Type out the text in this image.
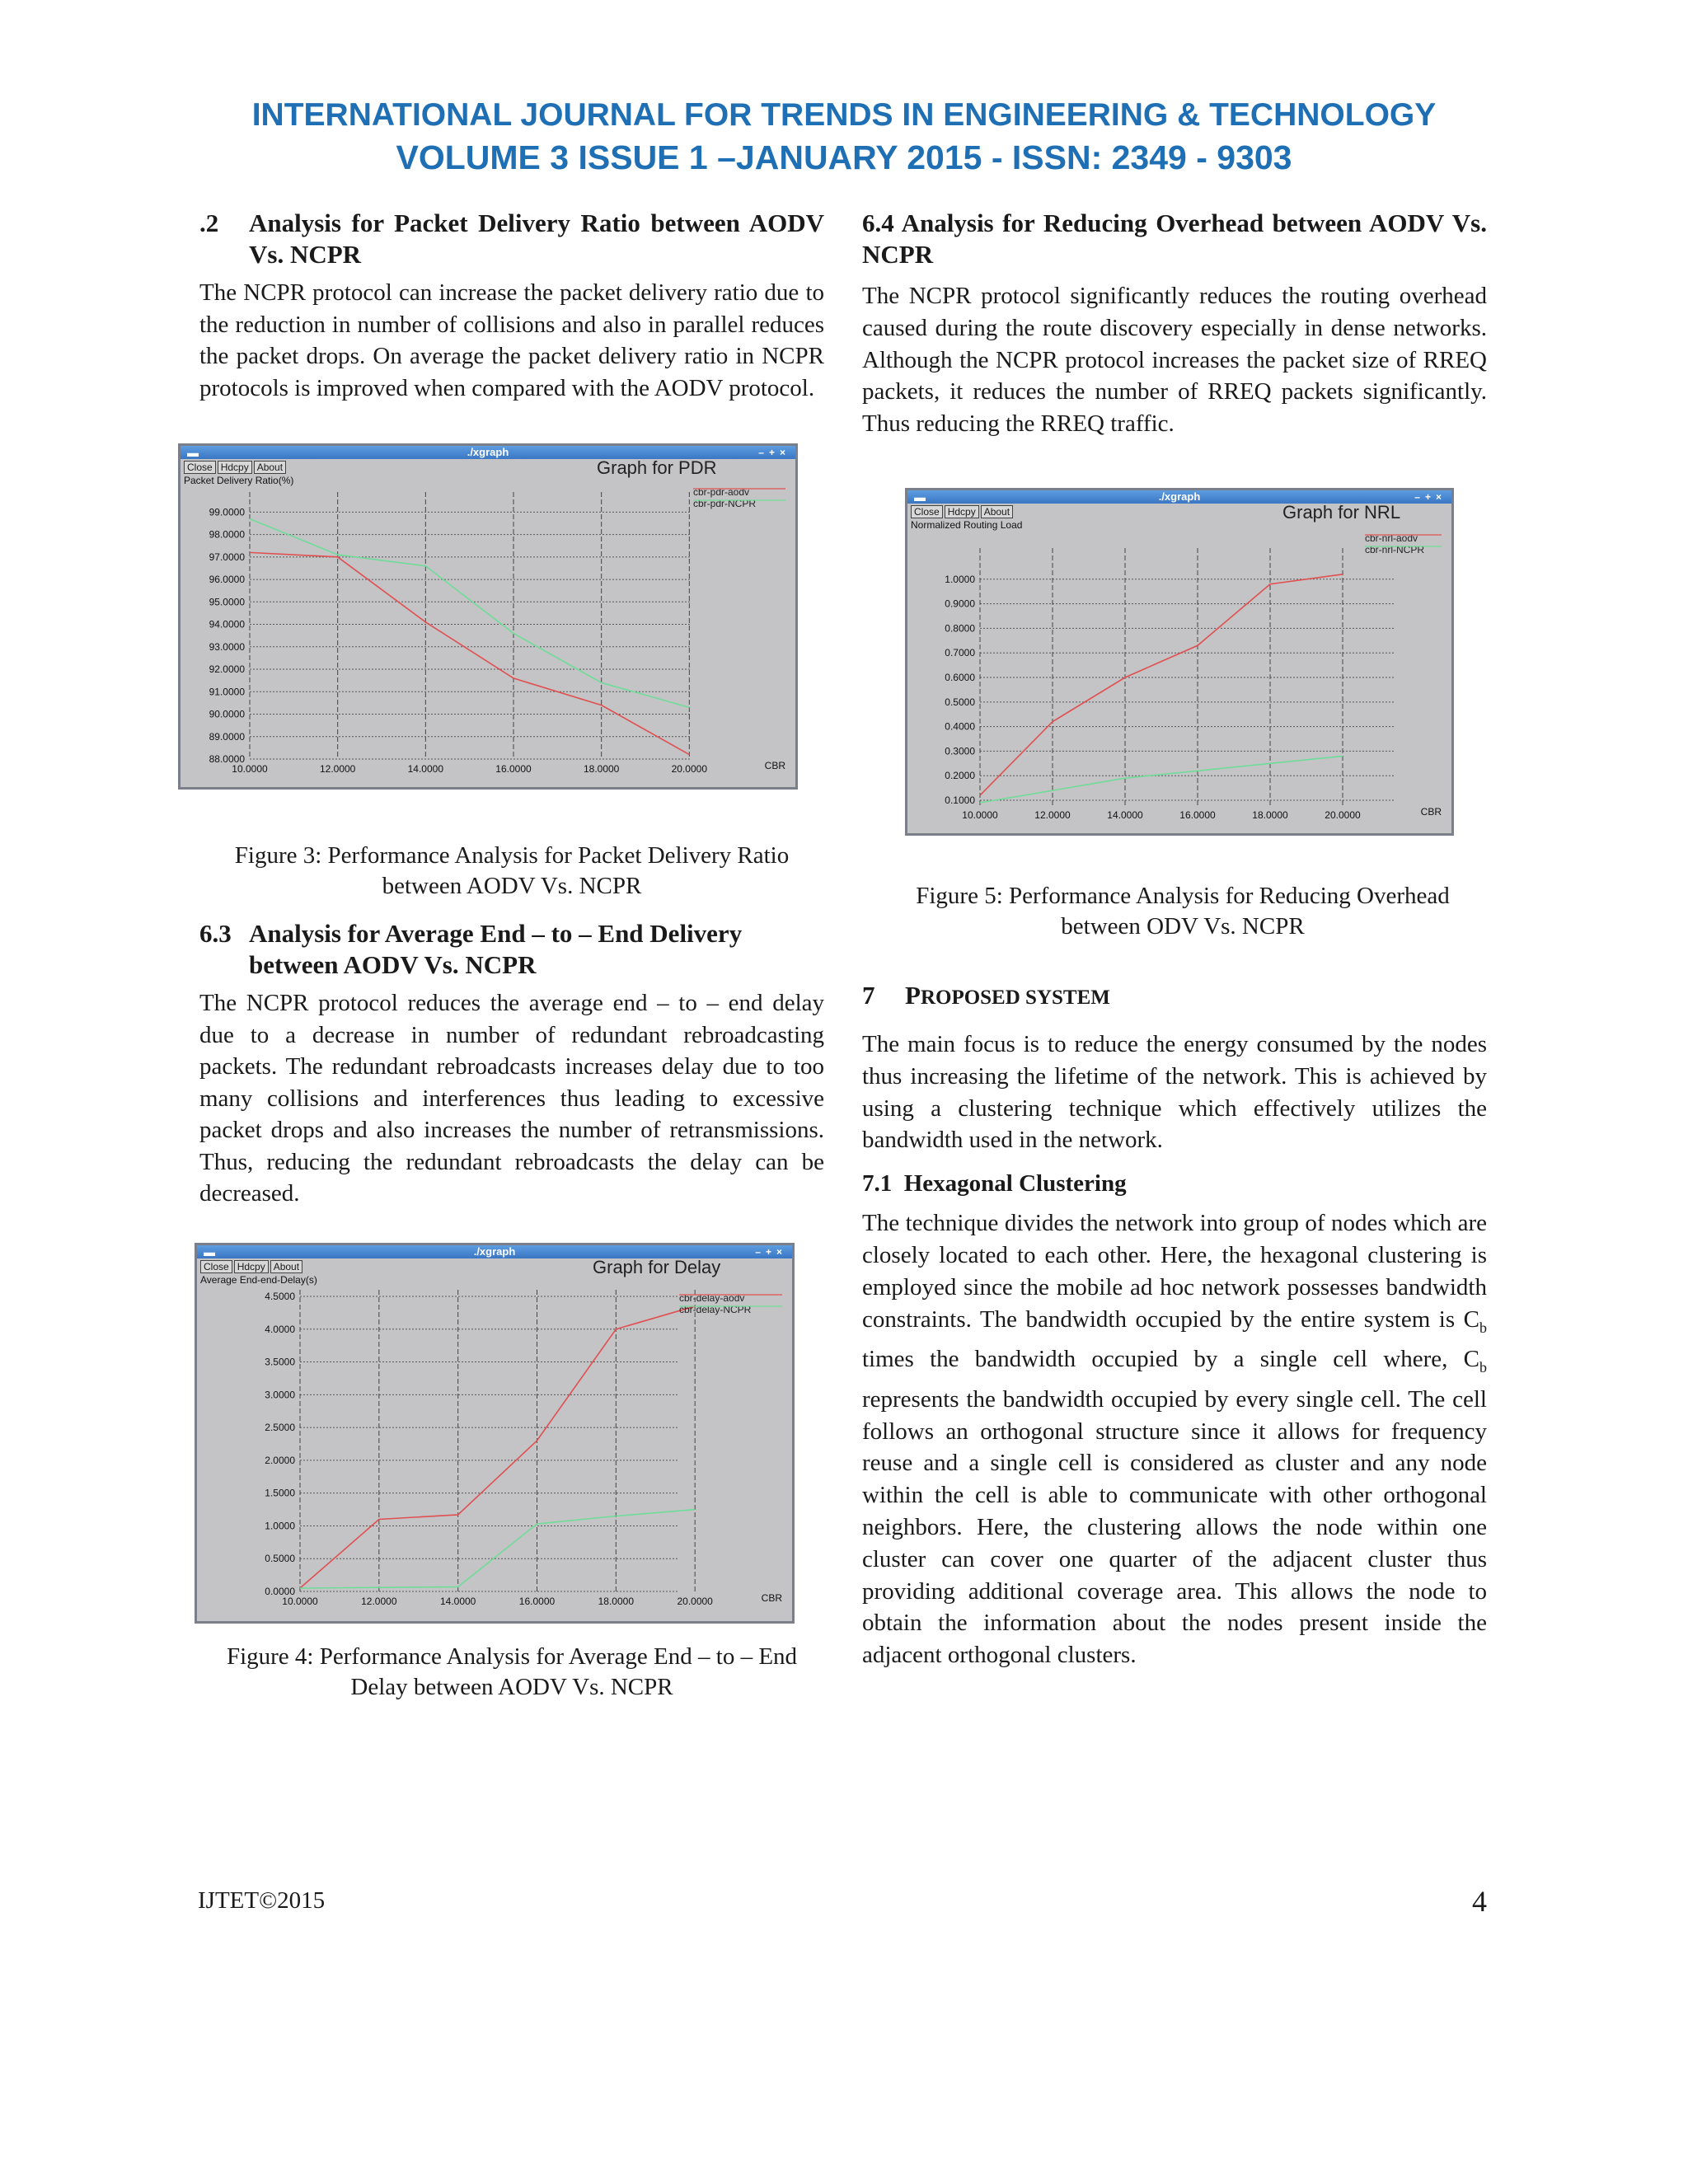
INTERNATIONAL JOURNAL FOR TRENDS IN ENGINEERING & TECHNOLOGY
VOLUME 3 ISSUE 1 –JANUARY 2015 - ISSN: 2349 - 9303
.2 Analysis for Packet Delivery Ratio between AODV Vs. NCPR

The NCPR protocol can increase the packet delivery ratio due to the reduction in number of collisions and also in parallel reduces the packet drops. On average the packet delivery ratio in NCPR protocols is improved when compared with the AODV protocol.

./xgraph
▬	–+×
Close Hdcpy About	Graph for PDR
Packet Delivery Ratio(%)
99.0000
98.0000
97.0000
96.0000
95.0000
94.0000
93.0000
92.0000
91.0000
90.0000
89.0000
88.0000
10.0000	12.0000	14.0000	16.0000	18.0000	20.0000	CBR
cbr-pdr-aodv
cbr-pdr-NCPR
Figure 3: Performance Analysis for Packet Delivery Ratio between AODV Vs. NCPR
6.3 Analysis for Average End – to – End Delivery between AODV Vs. NCPR

The NCPR protocol reduces the average end – to – end delay due to a decrease in number of redundant rebroadcasting packets. The redundant rebroadcasts increases delay due to too many collisions and interferences thus leading to excessive packet drops and also increases the number of retransmissions. Thus, reducing the redundant rebroadcasts the delay can be decreased.

./xgraph
▬	–+×
Close Hdcpy About	Graph for Delay
Average End-end-Delay(s)
4.5000
4.0000
3.5000
3.0000
2.5000
2.0000
1.5000
1.0000
0.5000
0.0000
10.0000	12.0000	14.0000	16.0000	18.0000	20.0000	CBR
cbr-delay-aodv
cbr-delay-NCPR
Figure 4: Performance Analysis for Average End – to – End Delay between AODV Vs. NCPR
6.4 Analysis for Reducing Overhead between AODV Vs. NCPR

The NCPR protocol significantly reduces the routing overhead caused during the route discovery especially in dense networks. Although the NCPR protocol increases the packet size of RREQ packets, it reduces the number of RREQ packets significantly. Thus reducing the RREQ traffic.

./xgraph
▬	–+×
Close Hdcpy About	Graph for NRL
Normalized Routing Load
1.0000
0.9000
0.8000
0.7000
0.6000
0.5000
0.4000
0.3000
0.2000
0.1000
10.0000	12.0000	14.0000	16.0000	18.0000	20.0000	CBR
cbr-nrl-aodv
cbr-nrl-NCPR
Figure 5: Performance Analysis for Reducing Overhead between ODV Vs. NCPR
7 PROPOSED SYSTEM

The main focus is to reduce the energy consumed by the nodes thus increasing the lifetime of the network. This is achieved by using a clustering technique which effectively utilizes the bandwidth used in the network.

7.1  Hexagonal Clustering

The technique divides the network into group of nodes which are closely located to each other. Here, the hexagonal clustering is employed since the mobile ad hoc network possesses bandwidth constraints. The bandwidth occupied by the entire system is $C_b$ times the bandwidth occupied by a single cell where, $C_b$ represents the bandwidth occupied by every single cell. The cell follows an orthogonal structure since it allows for frequency reuse and a single cell is considered as cluster and any node within the cell is able to communicate with other orthogonal neighbors. Here, the clustering allows the node within one cluster can cover one quarter of the adjacent cluster thus providing additional coverage area. This allows the node to obtain the information about the nodes present inside the adjacent orthogonal clusters.

IJTET©2015	4
